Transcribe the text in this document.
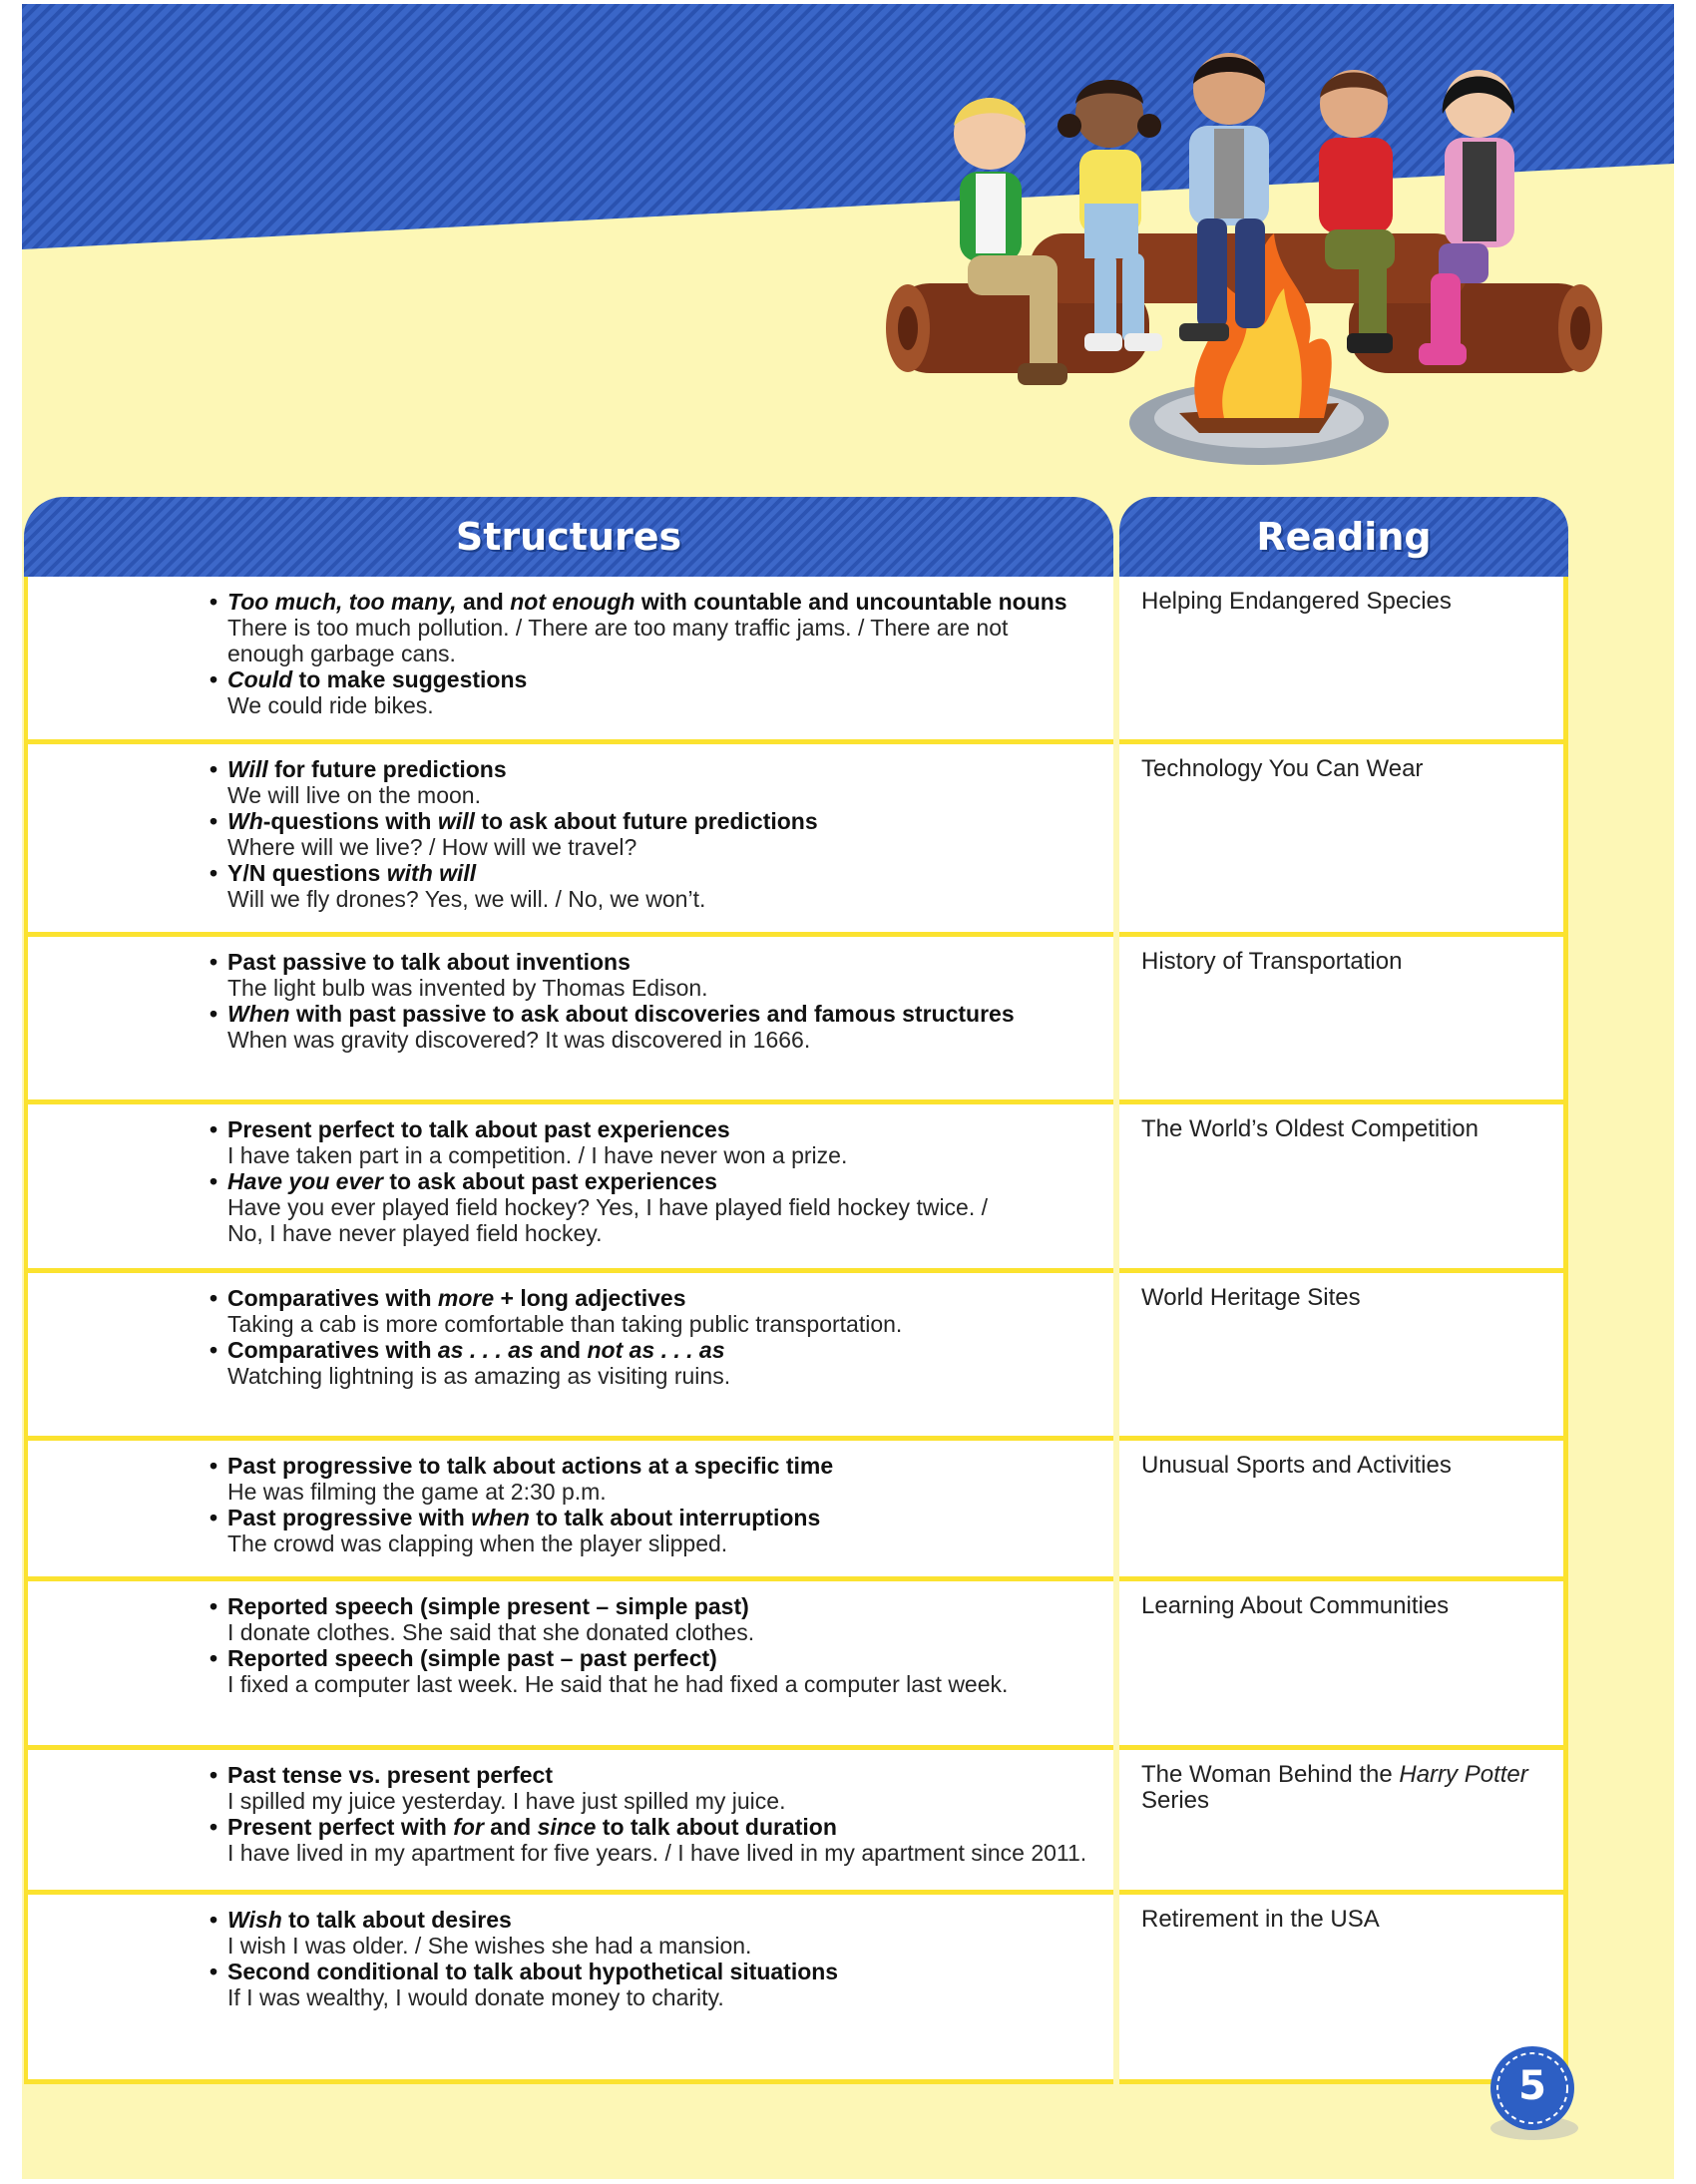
Structures	Reading
• Too much, too many, and not enough with countable and uncountable nouns
There is too much pollution. / There are too many traffic jams. / There are not
enough garbage cans.
• Could to make suggestions
We could ride bikes.
Helping Endangered Species
• Will for future predictions
We will live on the moon.
• Wh-questions with will to ask about future predictions
Where will we live? / How will we travel?
• Y/N questions with will
Will we fly drones? Yes, we will. / No, we won’t.
Technology You Can Wear
• Past passive to talk about inventions
The light bulb was invented by Thomas Edison.
• When with past passive to ask about discoveries and famous structures
When was gravity discovered? It was discovered in 1666.
History of Transportation
• Present perfect to talk about past experiences
I have taken part in a competition. / I have never won a prize.
• Have you ever to ask about past experiences
Have you ever played field hockey? Yes, I have played field hockey twice. /
No, I have never played field hockey.
The World’s Oldest Competition
• Comparatives with more + long adjectives
Taking a cab is more comfortable than taking public transportation.
• Comparatives with as . . . as and not as . . . as
Watching lightning is as amazing as visiting ruins.
World Heritage Sites
• Past progressive to talk about actions at a specific time
He was filming the game at 2:30 p.m.
• Past progressive with when to talk about interruptions
The crowd was clapping when the player slipped.
Unusual Sports and Activities
• Reported speech (simple present – simple past)
I donate clothes. She said that she donated clothes.
• Reported speech (simple past – past perfect)
I fixed a computer last week. He said that he had fixed a computer last week.
Learning About Communities
• Past tense vs. present perfect
I spilled my juice yesterday. I have just spilled my juice.
• Present perfect with for and since to talk about duration
I have lived in my apartment for five years. / I have lived in my apartment since 2011.
The Woman Behind the Harry Potter
Series
• Wish to talk about desires
I wish I was older. / She wishes she had a mansion.
• Second conditional to talk about hypothetical situations
If I was wealthy, I would donate money to charity.
Retirement in the USA
5
